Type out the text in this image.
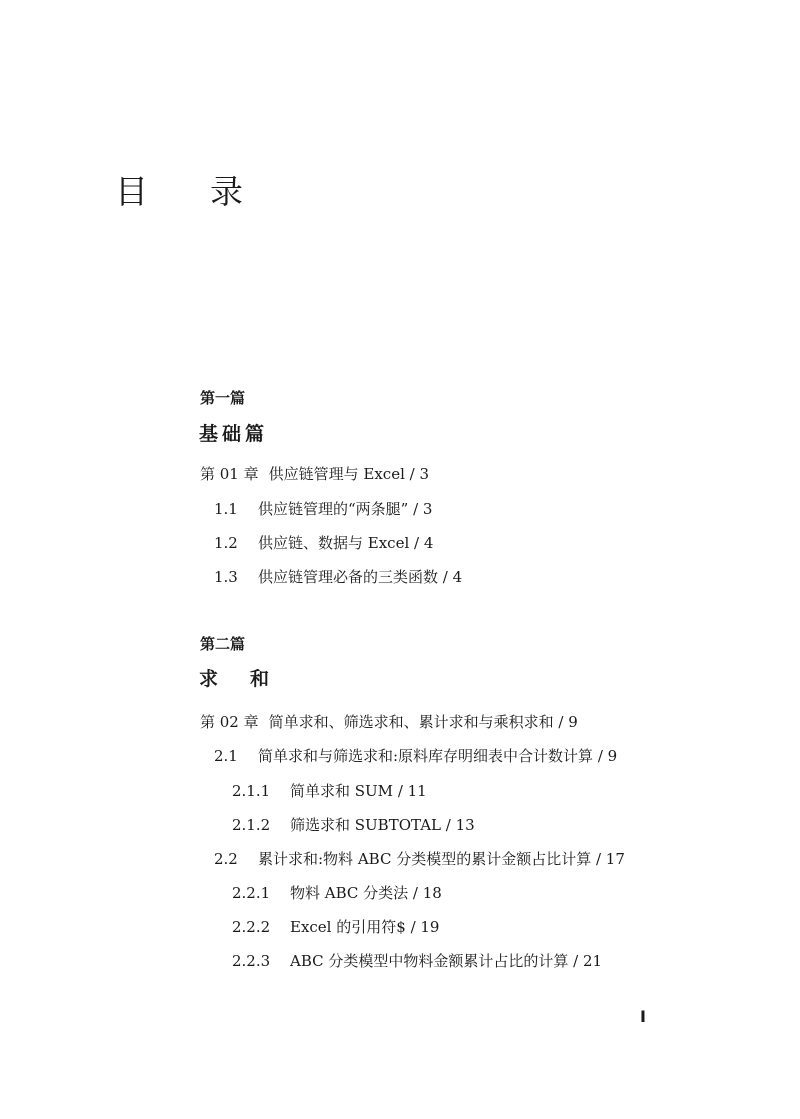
目 录
第一篇
基础篇
第 01 章 供应链管理与 Excel / 3
1.1 供应链管理的“两条腿” / 3
1.2 供应链、数据与 Excel / 4
1.3 供应链管理必备的三类函数 / 4
第二篇
求 和
第 02 章 简单求和、筛选求和、累计求和与乘积求和 / 9
2.1 简单求和与筛选求和:原料库存明细表中合计数计算 / 9
2.1.1 简单求和 SUM / 11
2.1.2 筛选求和 SUBTOTAL / 13
2.2 累计求和:物料 ABC 分类模型的累计金额占比计算 / 17
2.2.1 物料 ABC 分类法 / 18
2.2.2 Excel 的引用符$ / 19
2.2.3 ABC 分类模型中物料金额累计占比的计算 / 21
I
